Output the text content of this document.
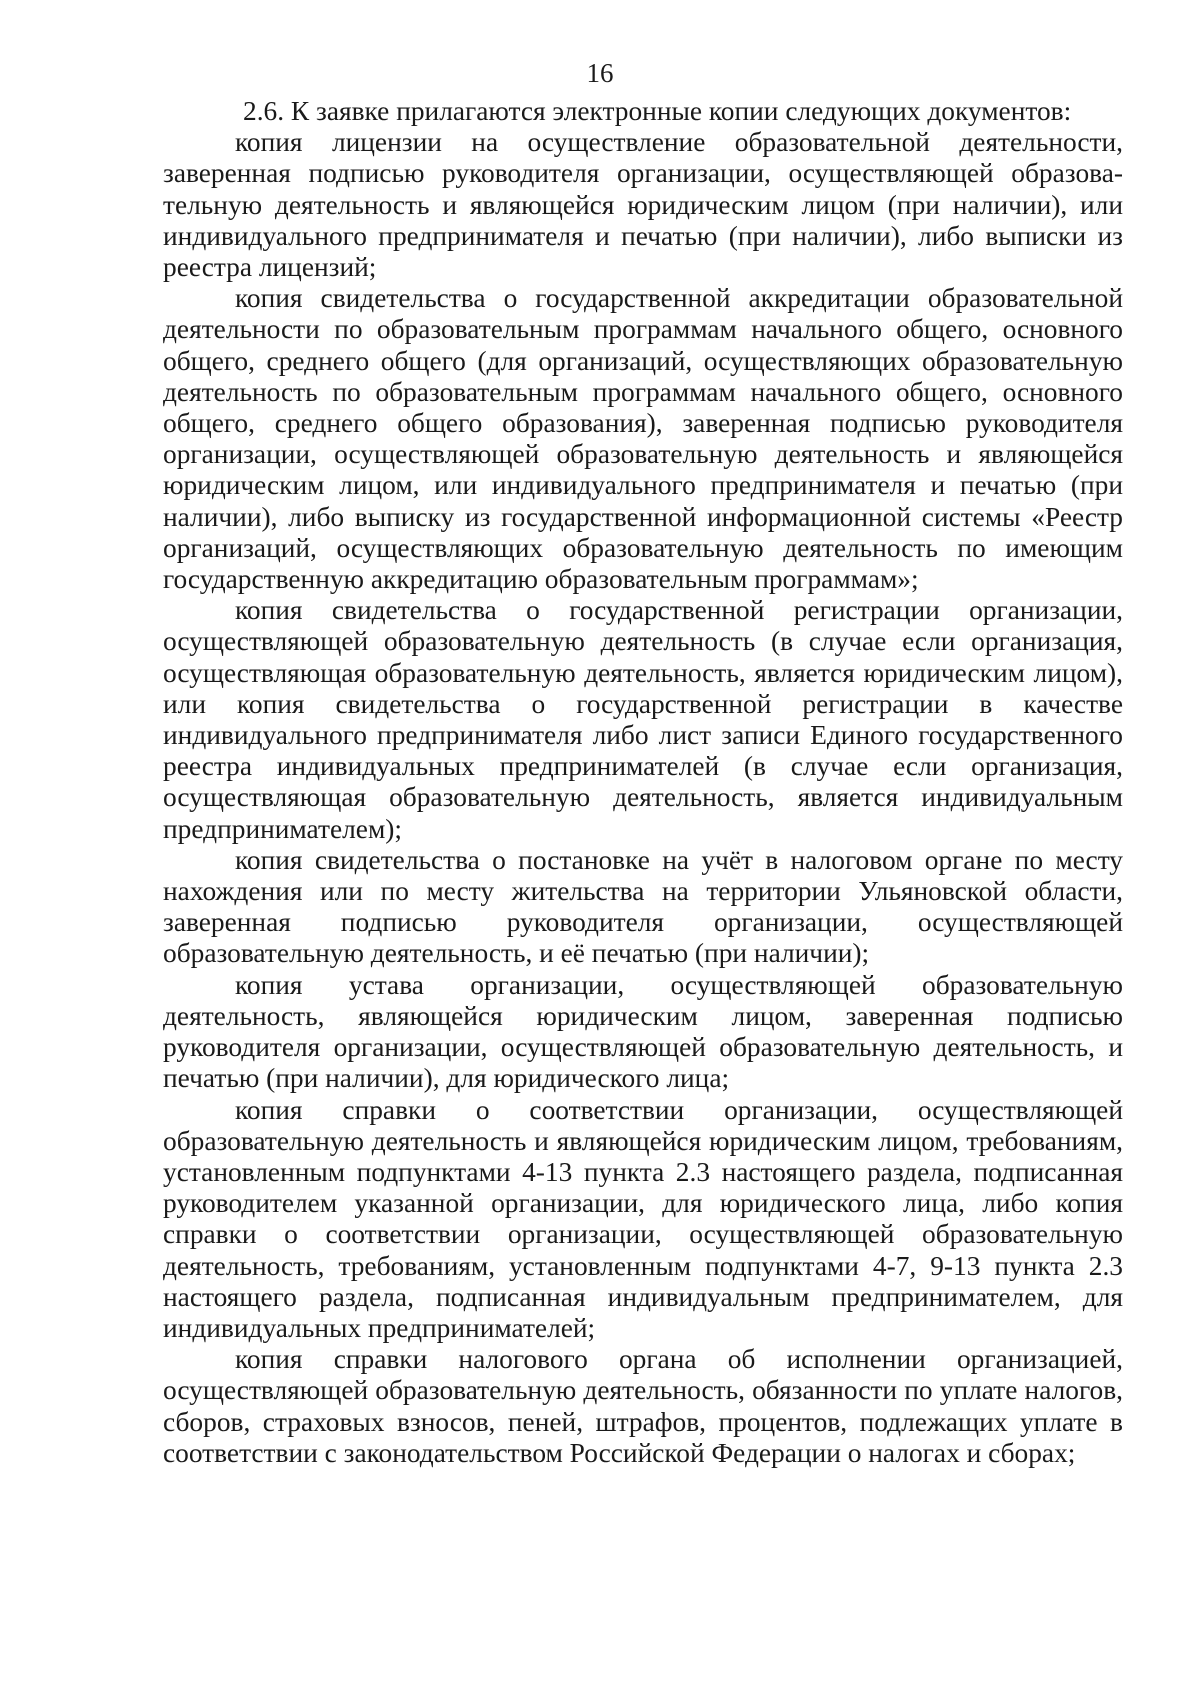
16

2.6. К заявке прилагаются электронные копии следующих документов:

копия лицензии на осуществление образовательной деятельности, заверенная подписью руководителя организации, осуществляющей образовательную деятельность и являющейся юридическим лицом (при наличии), или индивидуального предпринимателя и печатью (при наличии), либо выписки из реестра лицензий;

копия свидетельства о государственной аккредитации образовательной деятельности по образовательным программам начального общего, основного общего, среднего общего (для организаций, осуществляющих образовательную деятельность по образовательным программам начального общего, основного общего, среднего общего образования), заверенная подписью руководителя организации, осуществляющей образовательную деятельность и являющейся юридическим лицом, или индивидуального предпринимателя и печатью (при наличии), либо выписку из государственной информационной системы «Реестр организаций, осуществляющих образовательную деятельность по имеющим государственную аккредитацию образовательным программам»;

копия свидетельства о государственной регистрации организации, осуществляющей образовательную деятельность (в случае если организация, осуществляющая образовательную деятельность, является юридическим лицом), или копия свидетельства о государственной регистрации в качестве индивидуального предпринимателя либо лист записи Единого государственного реестра индивидуальных предпринимателей (в случае если организация, осуществляющая образовательную деятельность, является индивидуальным предпринимателем);

копия свидетельства о постановке на учёт в налоговом органе по месту нахождения или по месту жительства на территории Ульяновской области, заверенная подписью руководителя организации, осуществляющей образовательную деятельность, и её печатью (при наличии);

копия устава организации, осуществляющей образовательную деятельность, являющейся юридическим лицом, заверенная подписью руководителя организации, осуществляющей образовательную деятельность, и печатью (при наличии), для юридического лица;

копия справки о соответствии организации, осуществляющей образовательную деятельность и являющейся юридическим лицом, требованиям, установленным подпунктами 4-13 пункта 2.3 настоящего раздела, подписанная руководителем указанной организации, для юридического лица, либо копия справки о соответствии организации, осуществляющей образовательную деятельность, требованиям, установленным подпунктами 4-7, 9-13 пункта 2.3 настоящего раздела, подписанная индивидуальным предпринимателем, для индивидуальных предпринимателей;

копия справки налогового органа об исполнении организацией, осуществляющей образовательную деятельность, обязанности по уплате налогов, сборов, страховых взносов, пеней, штрафов, процентов, подлежащих уплате в соответствии с законодательством Российской Федерации о налогах и сборах;
